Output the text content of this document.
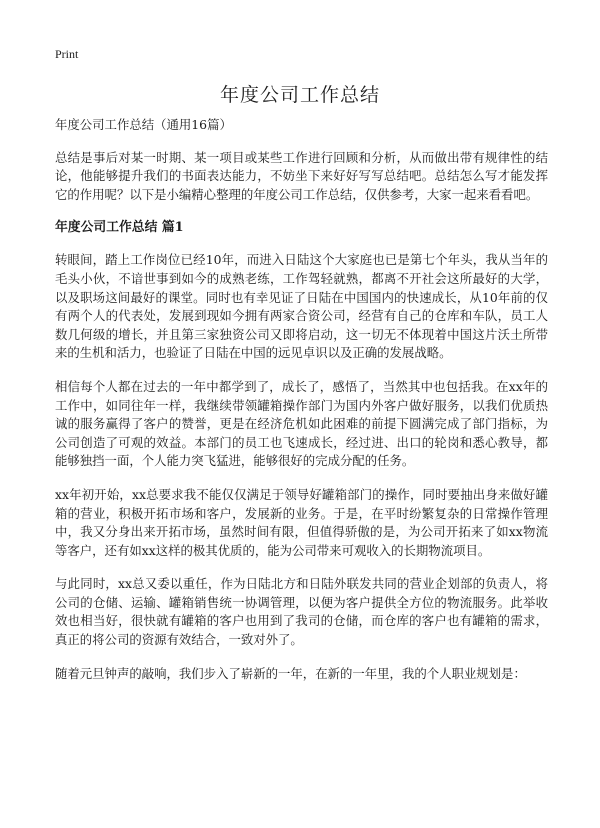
Print
年度公司工作总结

年度公司工作总结（通用16篇）

总结是事后对某一时期、某一项目或某些工作进行回顾和分析，从而做出带有规律性的结论，他能够提升我们的书面表达能力，不妨坐下来好好写写总结吧。总结怎么写才能发挥它的作用呢？以下是小编精心整理的年度公司工作总结，仅供参考，大家一起来看看吧。

年度公司工作总结 篇1

转眼间，踏上工作岗位已经10年，而进入日陆这个大家庭也已是第七个年头，我从当年的毛头小伙，不谙世事到如今的成熟老练，工作驾轻就熟，都离不开社会这所最好的大学，以及职场这间最好的课堂。同时也有幸见证了日陆在中国国内的快速成长，从10年前的仅有两个人的代表处，发展到现如今拥有两家合资公司，经营有自己的仓库和车队，员工人数几何级的增长，并且第三家独资公司又即将启动，这一切无不体现着中国这片沃土所带来的生机和活力，也验证了日陆在中国的远见卓识以及正确的发展战略。

相信每个人都在过去的一年中都学到了，成长了，感悟了，当然其中也包括我。在xx年的工作中，如同往年一样，我继续带领罐箱操作部门为国内外客户做好服务，以我们优质热诚的服务赢得了客户的赞誉，更是在经济危机如此困难的前提下圆满完成了部门指标，为公司创造了可观的效益。本部门的员工也飞速成长，经过进、出口的轮岗和悉心教导，都能够独挡一面，个人能力突飞猛进，能够很好的完成分配的任务。

xx年初开始，xx总要求我不能仅仅满足于领导好罐箱部门的操作，同时要抽出身来做好罐箱的营业，积极开拓市场和客户，发展新的业务。于是，在平时纷繁复杂的日常操作管理中，我又分身出来开拓市场，虽然时间有限，但值得骄傲的是，为公司开拓来了如xx物流等客户，还有如xx这样的极其优质的，能为公司带来可观收入的长期物流项目。

与此同时，xx总又委以重任，作为日陆北方和日陆外联发共同的营业企划部的负责人，将公司的仓储、运输、罐箱销售统一协调管理，以便为客户提供全方位的物流服务。此举收效也相当好，很快就有罐箱的客户也用到了我司的仓储，而仓库的客户也有罐箱的需求，真正的将公司的资源有效结合，一致对外了。

随着元旦钟声的敲响，我们步入了崭新的一年，在新的一年里，我的个人职业规划是：
